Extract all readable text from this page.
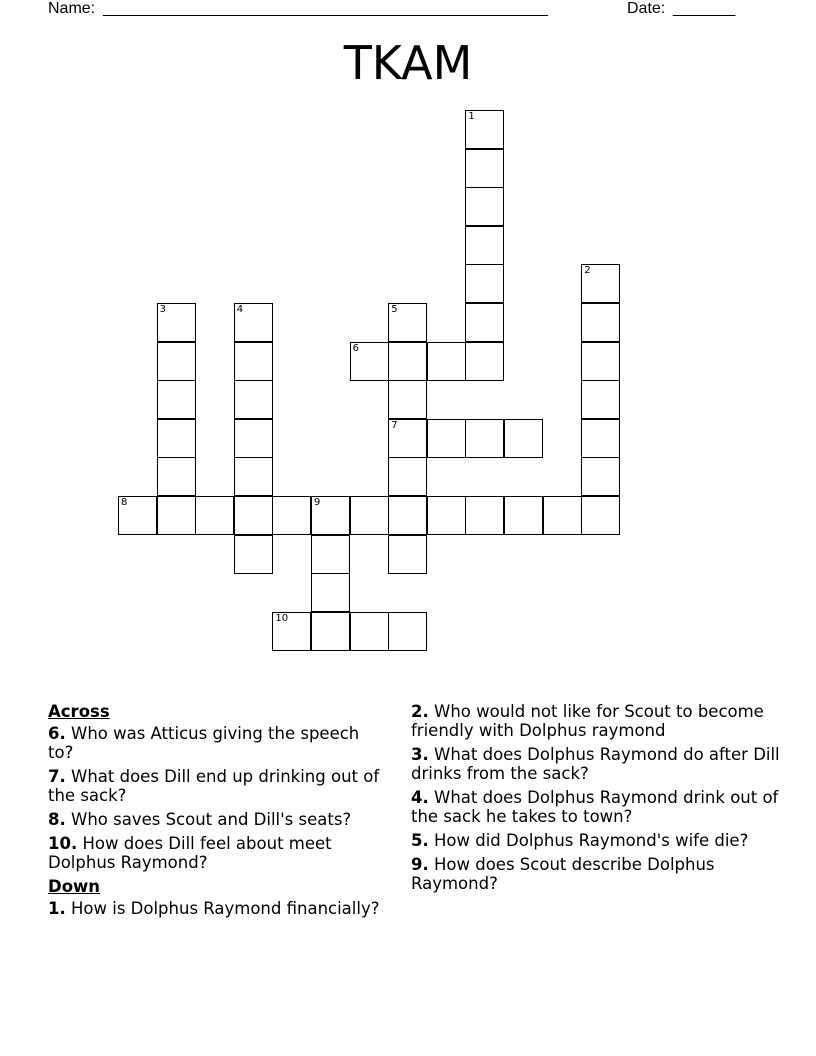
Name: __________________________________________________	Date: _______
TKAM
1
2
3	4	5
7
6
8	9
10
Across
6. Who was Atticus giving the speech to?
7. What does Dill end up drinking out of the sack?
8. Who saves Scout and Dill's seats?
10. How does Dill feel about meet Dolphus Raymond?
Down
1. How is Dolphus Raymond financially?
2. Who would not like for Scout to become friendly with Dolphus raymond
3. What does Dolphus Raymond do after Dill drinks from the sack?
4. What does Dolphus Raymond drink out of the sack he takes to town?
5. How did Dolphus Raymond's wife die?
9. How does Scout describe Dolphus Raymond?
